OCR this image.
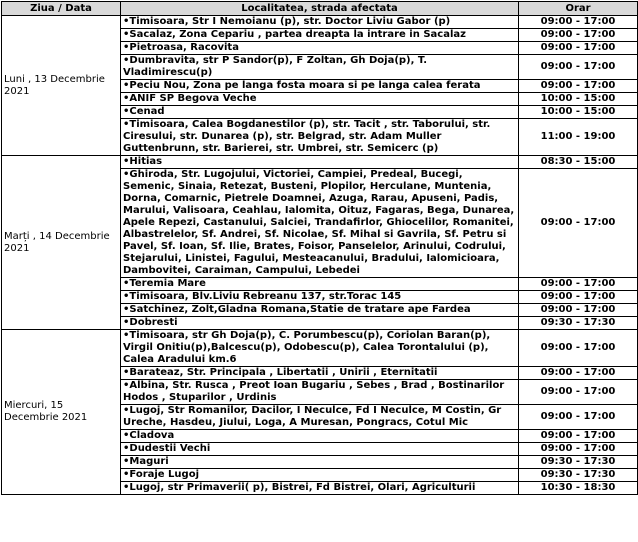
Ziua / Data	Localitatea, strada afectata	Orar
Luni , 13 Decembrie 2021	•Timisoara, Str I Nemoianu (p), str. Doctor Liviu Gabor (p)	09:00 - 17:00
	•Sacalaz, Zona Cepariu , partea dreapta la intrare in Sacalaz	09:00 - 17:00
	•Pietroasa, Racovita	09:00 - 17:00
	•Dumbravita, str P Sandor(p), F Zoltan, Gh Doja(p), T. Vladimirescu(p)	09:00 - 17:00
	•Peciu Nou, Zona pe langa fosta moara si pe langa calea ferata	09:00 - 17:00
	•ANIF SP Begova Veche	10:00 - 15:00
	•Cenad	10:00 - 15:00
	•Timisoara, Calea Bogdanestilor (p), str. Tacit , str. Taborului, str. Ciresului, str. Dunarea (p), str. Belgrad, str. Adam Muller Guttenbrunn, str. Barierei, str. Umbrei, str. Semicerc (p)	11:00 - 19:00
Marți , 14 Decembrie 2021	•Hitias	08:30 - 15:00
	•Ghiroda, Str. Lugojului, Victoriei, Campiei, Predeal, Bucegi, Semenic, Sinaia, Retezat, Busteni, Plopilor, Herculane, Muntenia, Dorna, Comarnic, Pietrele Doamnei, Azuga, Rarau, Apuseni, Padis, Marului, Valisoara, Ceahlau, Ialomita, Oituz, Fagaras, Bega, Dunarea, Apele Repezi, Castanului, Salciei, Trandafirlor, Ghiocelilor, Romanitei, Albastrelelor, Sf. Andrei, Sf. Nicolae, Sf. Mihal si Gavrila, Sf. Petru si Pavel, Sf. Ioan, Sf. Ilie, Brates, Foisor, Panselelor, Arinului, Codrului, Stejarului, Linistei, Fagului, Mesteacanului, Bradului, Ialomicioara, Dambovitei, Caraiman, Campului, Lebedei	09:00 - 17:00
	•Teremia Mare	09:00 - 17:00
	•Timisoara, Blv.Liviu Rebreanu 137, str.Torac 145	09:00 - 17:00
	•Satchinez, Zolt,Gladna Romana,Statie de tratare ape Fardea	09:00 - 17:00
	•Dobresti	09:30 - 17:30
Miercuri, 15 Decembrie 2021	•Timisoara, str Gh Doja(p), C. Porumbescu(p), Coriolan Baran(p), Virgil Onitiu(p),Balcescu(p), Odobescu(p), Calea Torontalului (p), Calea Aradului km.6	09:00 - 17:00
	•Barateaz, Str. Principala , Libertatii , Unirii , Eternitatii	09:00 - 17:00
	•Albina, Str. Rusca , Preot Ioan Bugariu , Sebes , Brad , Bostinarilor Hodos , Stuparilor , Urdinis	09:00 - 17:00
	•Lugoj, Str Romanilor, Dacilor, I Neculce, Fd I Neculce, M Costin, Gr Ureche, Hasdeu, Jiului, Loga, A Muresan, Pongracs, Cotul Mic	09:00 - 17:00
	•Cladova	09:00 - 17:00
	•Dudestii Vechi	09:00 - 17:00
	•Maguri	09:30 - 17:30
	•Foraje Lugoj	09:30 - 17:30
	•Lugoj, str Primaverii( p), Bistrei, Fd Bistrei, Olari, Agriculturii	10:30 - 18:30
